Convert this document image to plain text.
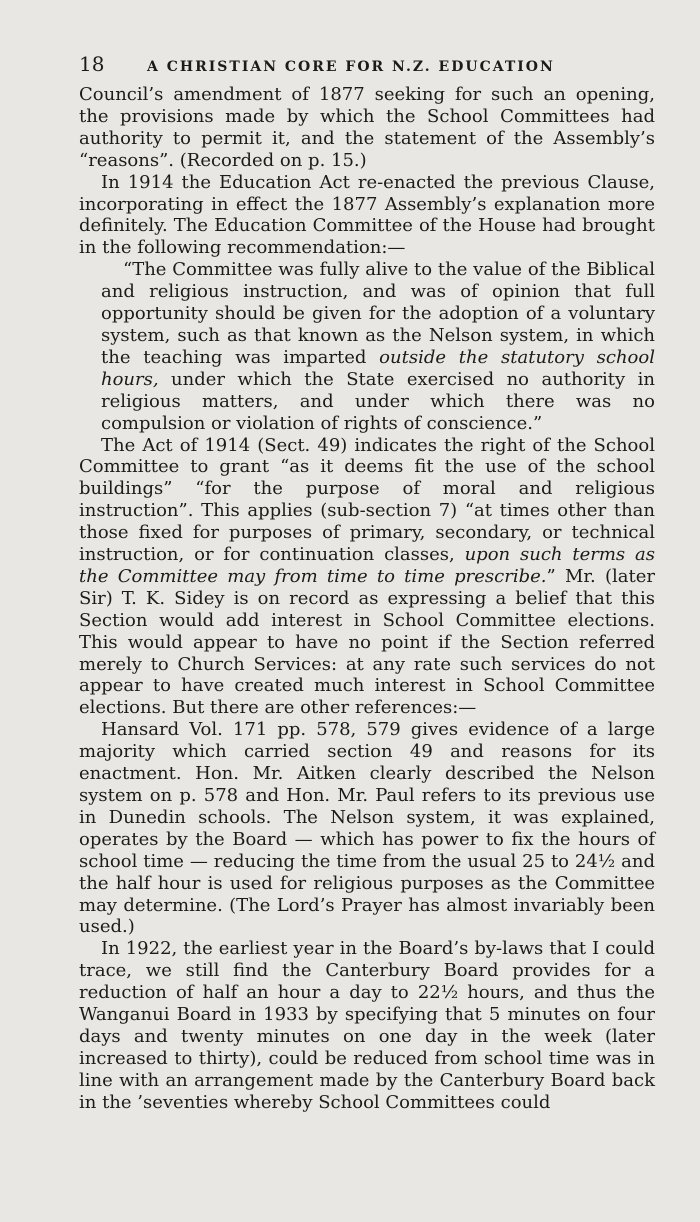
18	A CHRISTIAN CORE FOR N.Z. EDUCATION

Council’s amendment of 1877 seeking for such an opening, the provisions made by which the School Committees had authority to permit it, and the statement of the Assembly’s “reasons”. (Recorded on p. 15.)

In 1914 the Education Act re-enacted the previous Clause, incorporating in effect the 1877 Assembly’s explanation more definitely. The Education Committee of the House had brought in the following recommendation:—

“The Committee was fully alive to the value of the Biblical and religious instruction, and was of opinion that full opportunity should be given for the adoption of a voluntary system, such as that known as the Nelson system, in which the teaching was imparted outside the statutory school hours, under which the State exercised no authority in religious matters, and under which there was no compulsion or violation of rights of conscience.”

The Act of 1914 (Sect. 49) indicates the right of the School Committee to grant “as it deems fit the use of the school buildings” “for the purpose of moral and religious instruction”. This applies (sub-section 7) “at times other than those fixed for purposes of primary, secondary, or technical instruction, or for continuation classes, upon such terms as the Committee may from time to time prescribe.” Mr. (later Sir) T. K. Sidey is on record as expressing a belief that this Section would add interest in School Committee elections. This would appear to have no point if the Section referred merely to Church Services: at any rate such services do not appear to have created much interest in School Committee elections. But there are other references:—

Hansard Vol. 171 pp. 578, 579 gives evidence of a large majority which carried section 49 and reasons for its enactment. Hon. Mr. Aitken clearly described the Nelson system on p. 578 and Hon. Mr. Paul refers to its previous use in Dunedin schools. The Nelson system, it was explained, operates by the Board — which has power to fix the hours of school time — reducing the time from the usual 25 to 24½ and the half hour is used for religious purposes as the Committee may determine. (The Lord’s Prayer has almost invariably been used.)

In 1922, the earliest year in the Board’s by-laws that I could trace, we still find the Canterbury Board provides for a reduction of half an hour a day to 22½ hours, and thus the Wanganui Board in 1933 by specifying that 5 minutes on four days and twenty minutes on one day in the week (later increased to thirty), could be reduced from school time was in line with an arrangement made by the Canterbury Board back in the ’seventies whereby School Committees could
